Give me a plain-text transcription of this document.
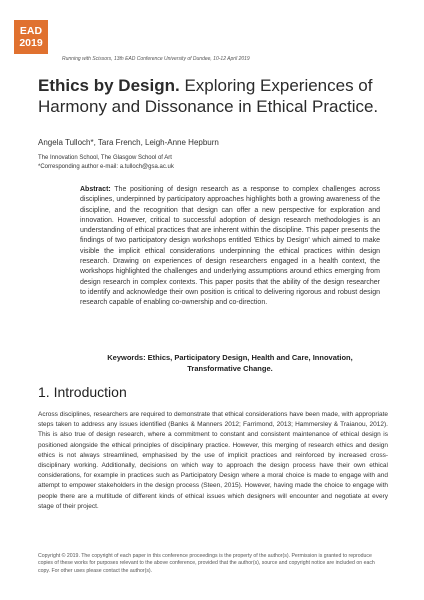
EAD
2019
Running with Scissors, 13th EAD Conference University of Dundee, 10-12 April 2019
Ethics by Design. Exploring Experiences of Harmony and Dissonance in Ethical Practice.
Angela Tulloch*, Tara French, Leigh-Anne Hepburn
The Innovation School, The Glasgow School of Art
*Corresponding author e-mail: a.tulloch@gsa.ac.uk
Abstract: The positioning of design research as a response to complex challenges across disciplines, underpinned by participatory approaches highlights both a growing awareness of the discipline, and the recognition that design can offer a new perspective for exploration and innovation. However, critical to successful adoption of design research methodologies is an understanding of ethical practices that are inherent within the discipline. This paper presents the findings of two participatory design workshops entitled 'Ethics by Design' which aimed to make visible the implicit ethical considerations underpinning the ethical practices within design research. Drawing on experiences of design researchers engaged in a health context, the workshops highlighted the challenges and underlying assumptions around ethics emerging from design research in complex contexts. This paper posits that the ability of the design researcher to identify and acknowledge their own position is critical to delivering rigorous and robust design research capable of enabling co-ownership and co-direction.
Keywords: Ethics, Participatory Design, Health and Care, Innovation, Transformative Change.
1. Introduction
Across disciplines, researchers are required to demonstrate that ethical considerations have been made, with appropriate steps taken to address any issues identified (Banks & Manners 2012; Farrimond, 2013; Hammersley & Traianou, 2012). This is also true of design research, where a commitment to constant and consistent maintenance of ethical design is positioned alongside the ethical principles of disciplinary practice. However, this merging of research ethics and design ethics is not always streamlined, emphasised by the use of implicit practices and reinforced by increased cross-disciplinary working. Additionally, decisions on which way to approach the design process have their own ethical considerations, for example in practices such as Participatory Design where a moral choice is made to engage with and attempt to empower stakeholders in the design process (Steen, 2015). However, having made the choice to engage with people there are a multitude of different kinds of ethical issues which designers will encounter and negotiate at every stage of their project.
Copyright © 2019. The copyright of each paper in this conference proceedings is the property of the author(s). Permission is granted to reproduce copies of these works for purposes relevant to the above conference, provided that the author(s), source and copyright notice are included on each copy. For other uses please contact the author(s).
